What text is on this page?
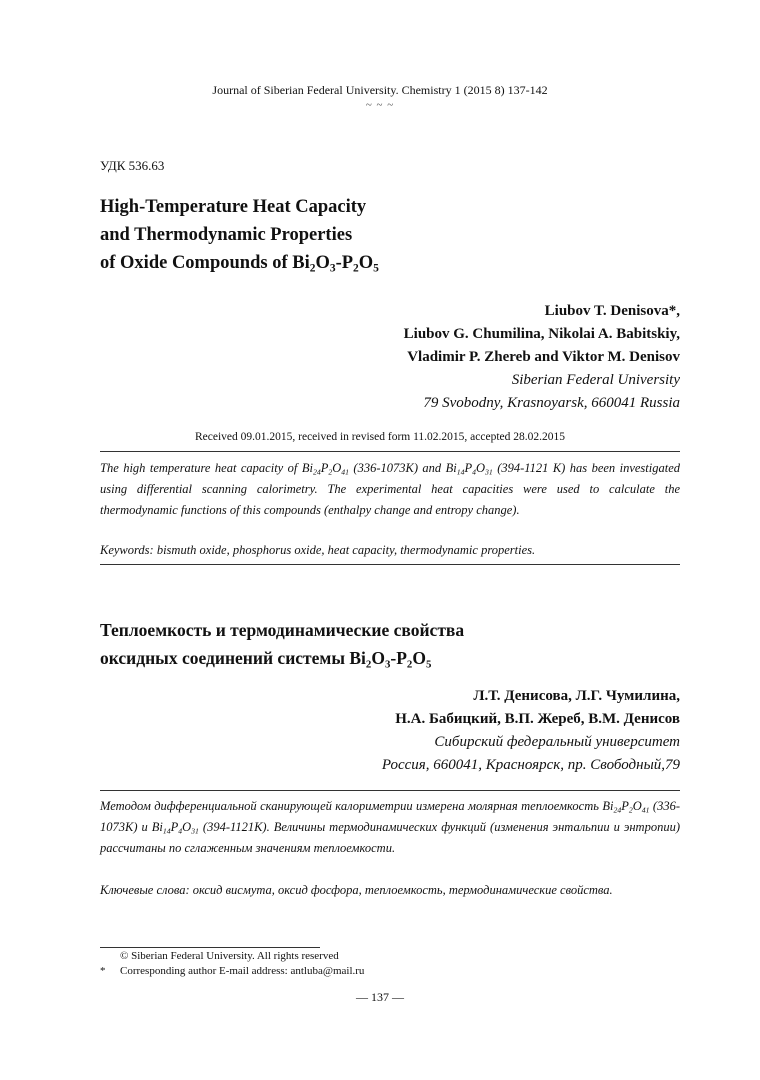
Journal of Siberian Federal University. Chemistry 1 (2015 8) 137-142
~ ~ ~
УДК 536.63
High-Temperature Heat Capacity
and Thermodynamic Properties
of Oxide Compounds of $Bi_2O_3-P_2O_5$
Liubov T. Denisova*,
Liubov G. Chumilina, Nikolai A. Babitskiy,
Vladimir P. Zhereb and Viktor M. Denisov
Siberian Federal University
79 Svobodny, Krasnoyarsk, 660041 Russia
Received 09.01.2015, received in revised form 11.02.2015, accepted 28.02.2015
The high temperature heat capacity of $Bi_{24}P_2O_{41}$ (336-1073K) and $Bi_{14}P_4O_{31}$ (394-1121 K) has been investigated using differential scanning calorimetry. The experimental heat capacities were used to calculate the thermodynamic functions of this compounds (enthalpy change and entropy change).
Keywords: bismuth oxide, phosphorus oxide, heat capacity, thermodynamic properties.
Теплоемкость и термодинамические свойства
оксидных соединений системы $Bi_2O_3-P_2O_5$
Л.Т. Денисова, Л.Г. Чумилина,
Н.А. Бабицкий, В.П. Жереб, В.М. Денисов
Сибирский федеральный университет
Россия, 660041, Красноярск, пр. Свободный,79
Методом дифференциальной сканирующей калориметрии измерена молярная теплоемкость $Bi_{24}P_2O_{41}$ (336-1073K) и $Bi_{14}P_4O_{31}$ (394-1121K). Величины термодинамических функций (изменения энтальпии и энтропии) рассчитаны по сглаженным значениям теплоемкости.
Ключевые слова: оксид висмута, оксид фосфора, теплоемкость, термодинамические свойства.
© Siberian Federal University. All rights reserved
* Corresponding author E-mail address: antluba@mail.ru
— 137 —
